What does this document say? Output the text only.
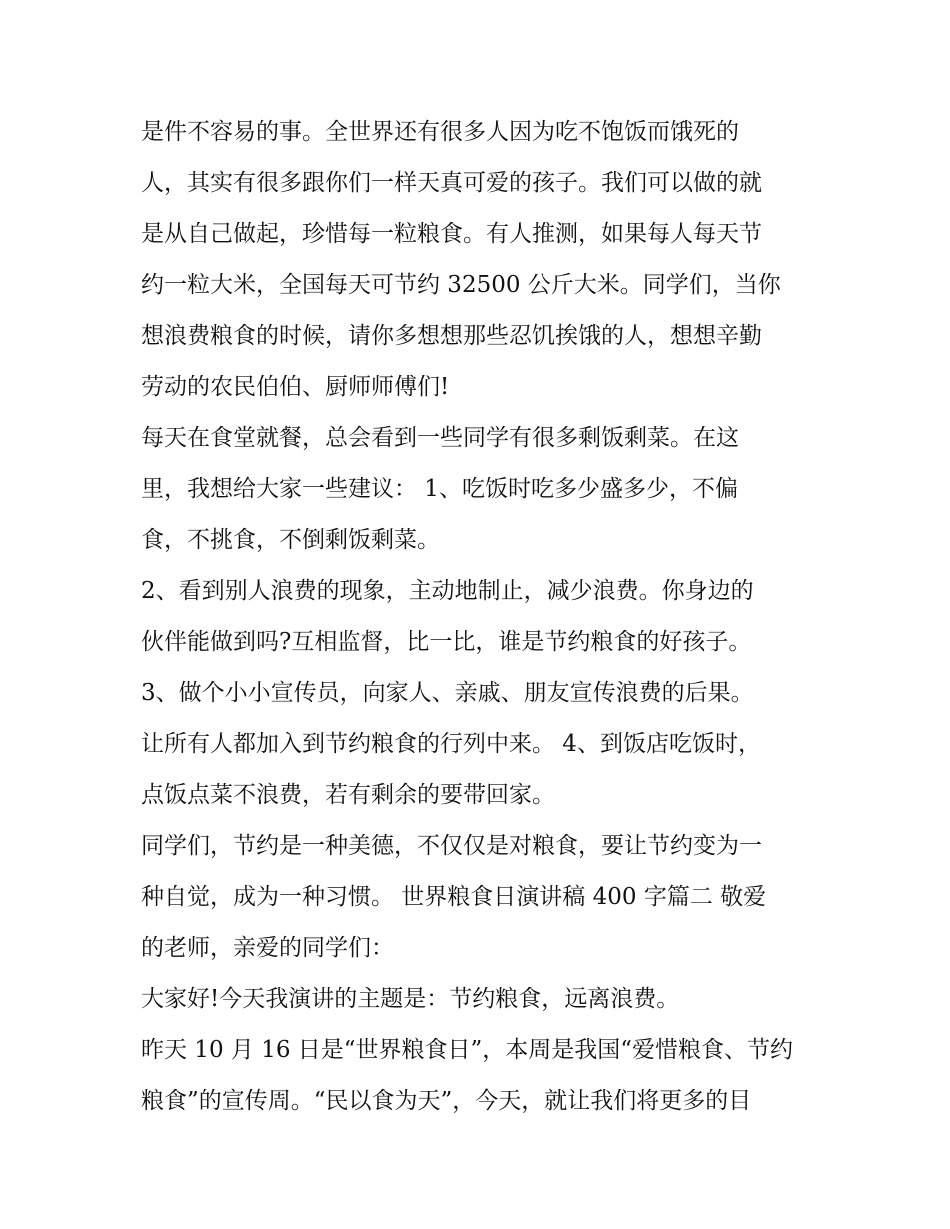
是件不容易的事。全世界还有很多人因为吃不饱饭而饿死的
人，其实有很多跟你们一样天真可爱的孩子。我们可以做的就
是从自己做起，珍惜每一粒粮食。有人推测，如果每人每天节
约一粒大米，全国每天可节约 32500 公斤大米。同学们，当你
想浪费粮食的时候，请你多想想那些忍饥挨饿的人，想想辛勤
劳动的农民伯伯、厨师师傅们!
每天在食堂就餐，总会看到一些同学有很多剩饭剩菜。在这
里，我想给大家一些建议： 1、吃饭时吃多少盛多少，不偏
食，不挑食，不倒剩饭剩菜。
2、看到别人浪费的现象，主动地制止，减少浪费。你身边的
伙伴能做到吗?互相监督，比一比，谁是节约粮食的好孩子。
3、做个小小宣传员，向家人、亲戚、朋友宣传浪费的后果。
让所有人都加入到节约粮食的行列中来。 4、到饭店吃饭时，
点饭点菜不浪费，若有剩余的要带回家。
同学们，节约是一种美德，不仅仅是对粮食，要让节约变为一
种自觉，成为一种习惯。 世界粮食日演讲稿 400 字篇二 敬爱
的老师，亲爱的同学们：
大家好!今天我演讲的主题是：节约粮食，远离浪费。
昨天 10 月 16 日是“世界粮食日”，本周是我国“爱惜粮食、节约
粮食”的宣传周。“民以食为天”，今天，就让我们将更多的目
